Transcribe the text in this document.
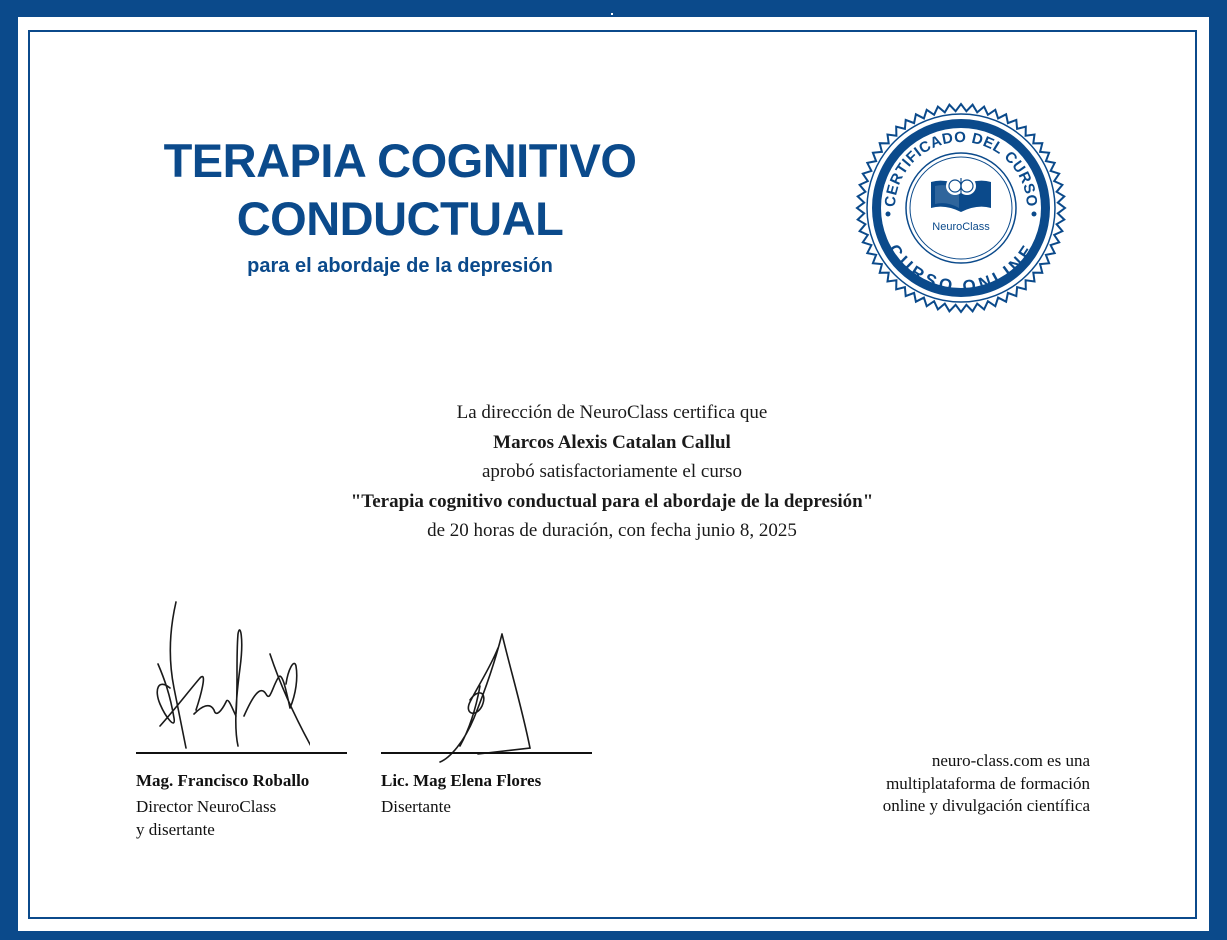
TERAPIA COGNITIVO
CONDUCTUAL
para el abordaje de la depresión
CERTIFICADO DEL CURSO
CURSO ONLINE
NeuroClass
La dirección de NeuroClass certifica que
Marcos Alexis Catalan Callul
aprobó satisfactoriamente el curso
"Terapia cognitivo conductual para el abordaje de la depresión"
de 20 horas de duración, con fecha junio 8, 2025
Mag. Francisco Roballo
Director NeuroClass
y disertante
Lic. Mag Elena Flores
Disertante
neuro-class.com es una
multiplataforma de formación
online y divulgación científica
